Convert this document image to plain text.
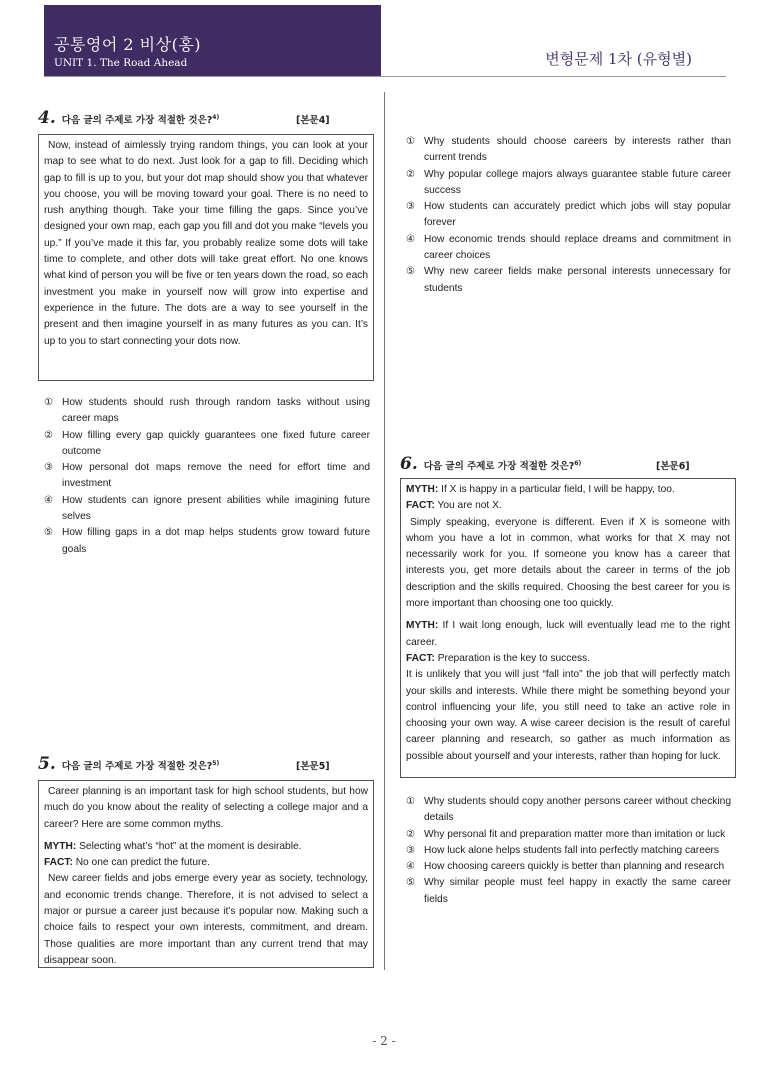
공통영어 2 비상(홍)
UNIT 1. The Road Ahead	변형문제 1차 (유형별)
4. 다음 글의 주제로 가장 적절한 것은?$^{4)}$	[본문4]

Now, instead of aimlessly trying random things, you can look at your map to see what to do next. Just look for a gap to fill. Deciding which gap to fill is up to you, but your dot map should show you that whatever you choose, you will be moving toward your goal. There is no need to rush anything though. Take your time filling the gaps. Since you’ve designed your own map, each gap you fill and dot you make “levels you up.” If you’ve made it this far, you probably realize some dots will take time to complete, and other dots will take great effort. No one knows what kind of person you will be five or ten years down the road, so each investment you make in yourself now will grow into expertise and experience in the future. The dots are a way to see yourself in the present and then imagine yourself in as many futures as you can. It’s up to you to start connecting your dots now.

① How students should rush through random tasks without using career maps
② How filling every gap quickly guarantees one fixed future career outcome
③ How personal dot maps remove the need for effort time and investment
④ How students can ignore present abilities while imagining future selves
⑤ How filling gaps in a dot map helps students grow toward future goals
5. 다음 글의 주제로 가장 적절한 것은?$^{5)}$	[본문5]

Career planning is an important task for high school students, but how much do you know about the reality of selecting a college major and a career? Here are some common myths.

MYTH: Selecting what’s “hot” at the moment is desirable.

FACT: No one can predict the future.

New career fields and jobs emerge every year as society, technology, and economic trends change. Therefore, it is not advised to select a major or pursue a career just because it’s popular now. Making such a choice fails to respect your own interests, commitment, and dream. Those qualities are more important than any current trend that may disappear soon.

① Why students should choose careers by interests rather than current trends
② Why popular college majors always guarantee stable future career success
③ How students can accurately predict which jobs will stay popular forever
④ How economic trends should replace dreams and commitment in career choices
⑤ Why new career fields make personal interests unnecessary for students
6. 다음 글의 주제로 가장 적절한 것은?$^{6)}$	[본문6]

MYTH: If X is happy in a particular field, I will be happy, too.

FACT: You are not X.

Simply speaking, everyone is different. Even if X is someone with whom you have a lot in common, what works for that X may not necessarily work for you. If someone you know has a career that interests you, get more details about the career in terms of the job description and the skills required. Choosing the best career for you is more important than choosing one too quickly.

MYTH: If I wait long enough, luck will eventually lead me to the right career.

FACT: Preparation is the key to success.

It is unlikely that you will just “fall into” the job that will perfectly match your skills and interests. While there might be something beyond your control influencing your life, you still need to take an active role in choosing your own way. A wise career decision is the result of careful career planning and research, so gather as much information as possible about yourself and your interests, rather than hoping for luck.

① Why students should copy another persons career without checking details
② Why personal fit and preparation matter more than imitation or luck
③ How luck alone helps students fall into perfectly matching careers
④ How choosing careers quickly is better than planning and research
⑤ Why similar people must feel happy in exactly the same career fields
- 2 -
